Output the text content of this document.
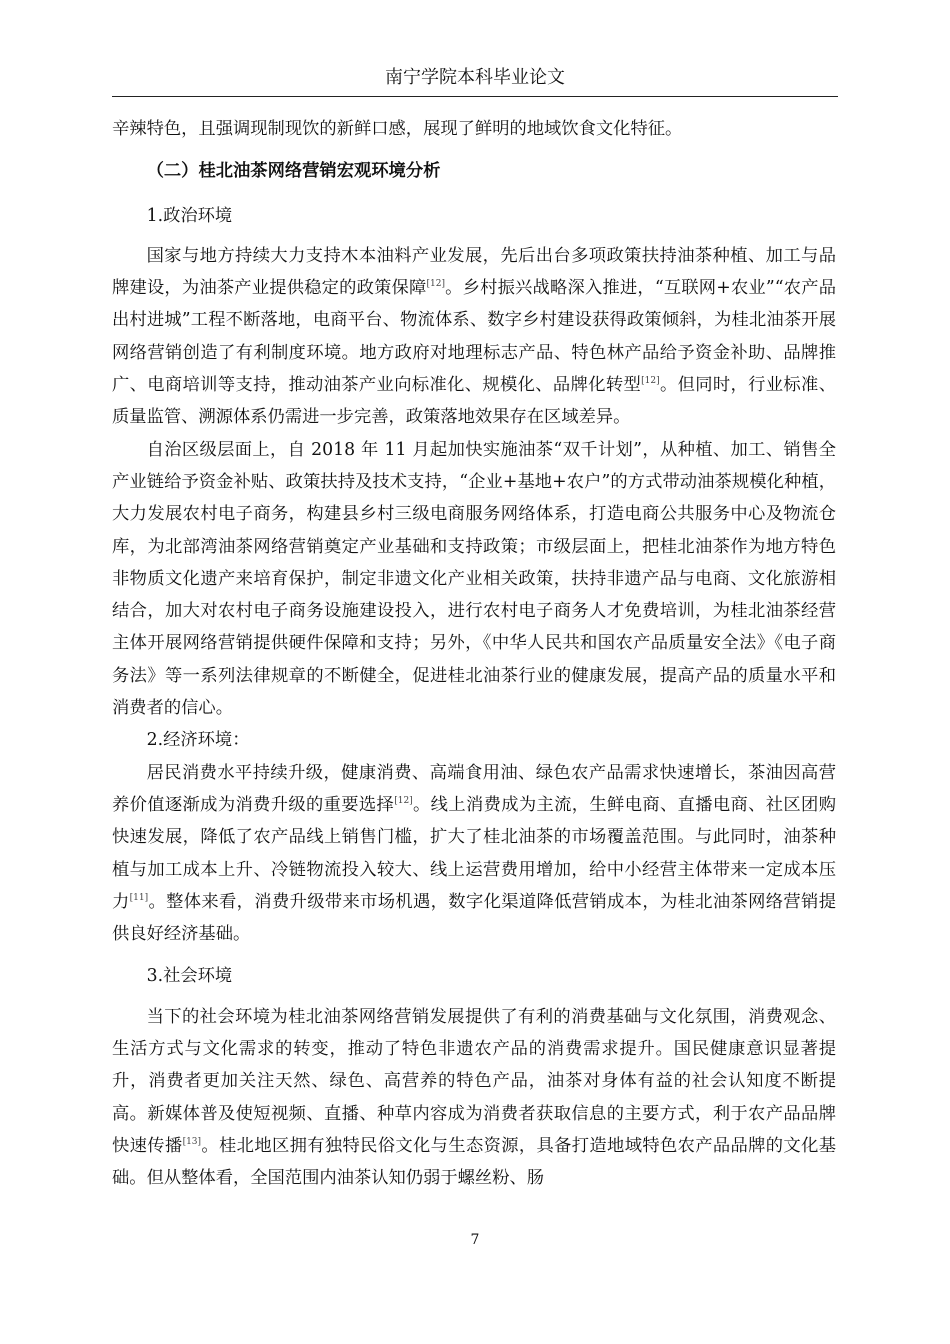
南宁学院本科毕业论文

辛辣特色，且强调现制现饮的新鲜口感，展现了鲜明的地域饮食文化特征。

（二）桂北油茶网络营销宏观环境分析

1.政治环境

国家与地方持续大力支持木本油料产业发展，先后出台多项政策扶持油茶种植、加工与品牌建设，为油茶产业提供稳定的政策保障[12]。乡村振兴战略深入推进，“互联网+农业”“农产品出村进城”工程不断落地，电商平台、物流体系、数字乡村建设获得政策倾斜，为桂北油茶开展网络营销创造了有利制度环境。地方政府对地理标志产品、特色林产品给予资金补助、品牌推广、电商培训等支持，推动油茶产业向标准化、规模化、品牌化转型[12]。但同时，行业标准、质量监管、溯源体系仍需进一步完善，政策落地效果存在区域差异。

自治区级层面上，自 2018 年 11 月起加快实施油茶“双千计划”，从种植、加工、销售全产业链给予资金补贴、政策扶持及技术支持，“企业+基地+农户”的方式带动油茶规模化种植，大力发展农村电子商务，构建县乡村三级电商服务网络体系，打造电商公共服务中心及物流仓库，为北部湾油茶网络营销奠定产业基础和支持政策；市级层面上，把桂北油茶作为地方特色非物质文化遗产来培育保护，制定非遗文化产业相关政策，扶持非遗产品与电商、文化旅游相结合，加大对农村电子商务设施建设投入，进行农村电子商务人才免费培训，为桂北油茶经营主体开展网络营销提供硬件保障和支持；另外，《中华人民共和国农产品质量安全法》《电子商务法》等一系列法律规章的不断健全，促进桂北油茶行业的健康发展，提高产品的质量水平和消费者的信心。

2.经济环境：

居民消费水平持续升级，健康消费、高端食用油、绿色农产品需求快速增长，茶油因高营养价值逐渐成为消费升级的重要选择[12]。线上消费成为主流，生鲜电商、直播电商、社区团购快速发展，降低了农产品线上销售门槛，扩大了桂北油茶的市场覆盖范围。与此同时，油茶种植与加工成本上升、冷链物流投入较大、线上运营费用增加，给中小经营主体带来一定成本压力[11]。整体来看，消费升级带来市场机遇，数字化渠道降低营销成本，为桂北油茶网络营销提供良好经济基础。

3.社会环境

当下的社会环境为桂北油茶网络营销发展提供了有利的消费基础与文化氛围，消费观念、生活方式与文化需求的转变，推动了特色非遗农产品的消费需求提升。国民健康意识显著提升，消费者更加关注天然、绿色、高营养的特色产品，油茶对身体有益的社会认知度不断提高。新媒体普及使短视频、直播、种草内容成为消费者获取信息的主要方式，利于农产品品牌快速传播[13]。桂北地区拥有独特民俗文化与生态资源，具备打造地域特色农产品品牌的文化基础。但从整体看，全国范围内油茶认知仍弱于螺丝粉、肠

7
